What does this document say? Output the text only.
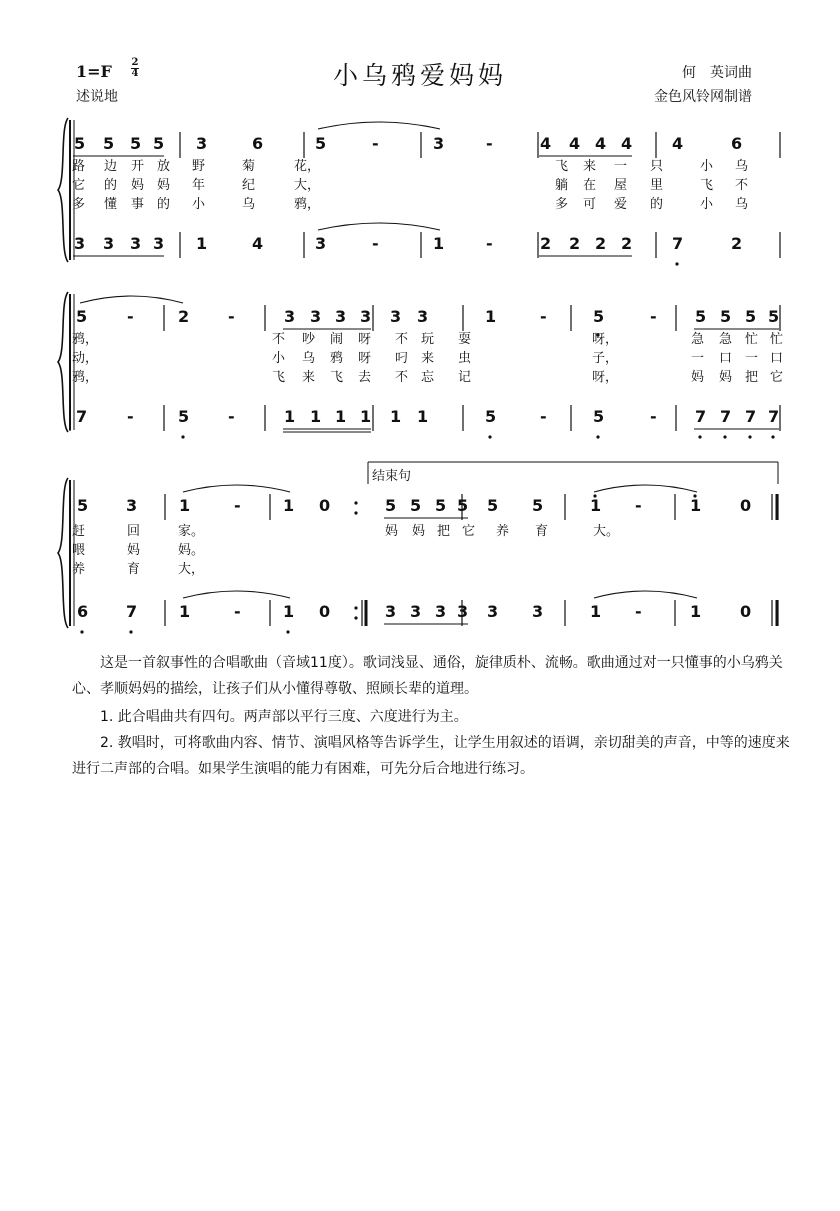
小乌鸦爱妈妈
1=F 2
4
述说地
何　英词曲
金色风铃网制谱
5 5 5 5 3	6	5	-	3	-	4 4 4 4 4	6
3 3 3 3 1	4	3	-	1	-	2 2 2 2 7	2
路 边 开 放 野	菊	花，	飞 来 一 只	小 乌
它 的 妈 妈 年	纪	大，	躺 在 屋 里	飞 不
多 懂 事 的 小	乌	鸦，	多 可 爱 的	小 乌
5 -	2 -	3 3 3 3 3 3	1	-	5	- 5 5 5 5
7 -	5 -	1 1 1 1 1 1	5	-	5	- 7 7 7 7
鸦，	不 吵 闹 呀 不 玩 耍	呀，	急 急 忙 忙
动，	小 乌 鸦 呀 叼 来 虫	子，	一 口 一 口
鸦，	飞 来 飞 去 不 忘 记	呀，	妈 妈 把 它
5 3	1	-	1 0	5 5 5 5 5 5	1 -	1 0
6 7	1	-	1 0	3 3 3 3 3 3	1 -	1 0
赶	回	家。	妈 妈 把 它 养 育	大。
喂	妈	妈。
养	育	大，
结束句
这是一首叙事性的合唱歌曲（音域11度）。歌词浅显、通俗，旋律质朴、流畅。歌曲通过对一只懂事的小乌鸦关心、孝顺妈妈的描绘，让孩子们从小懂得尊敬、照顾长辈的道理。
1. 此合唱曲共有四句。两声部以平行三度、六度进行为主。
2. 教唱时，可将歌曲内容、情节、演唱风格等告诉学生，让学生用叙述的语调，亲切甜美的声音，中等的速度来进行二声部的合唱。如果学生演唱的能力有困难，可先分后合地进行练习。
